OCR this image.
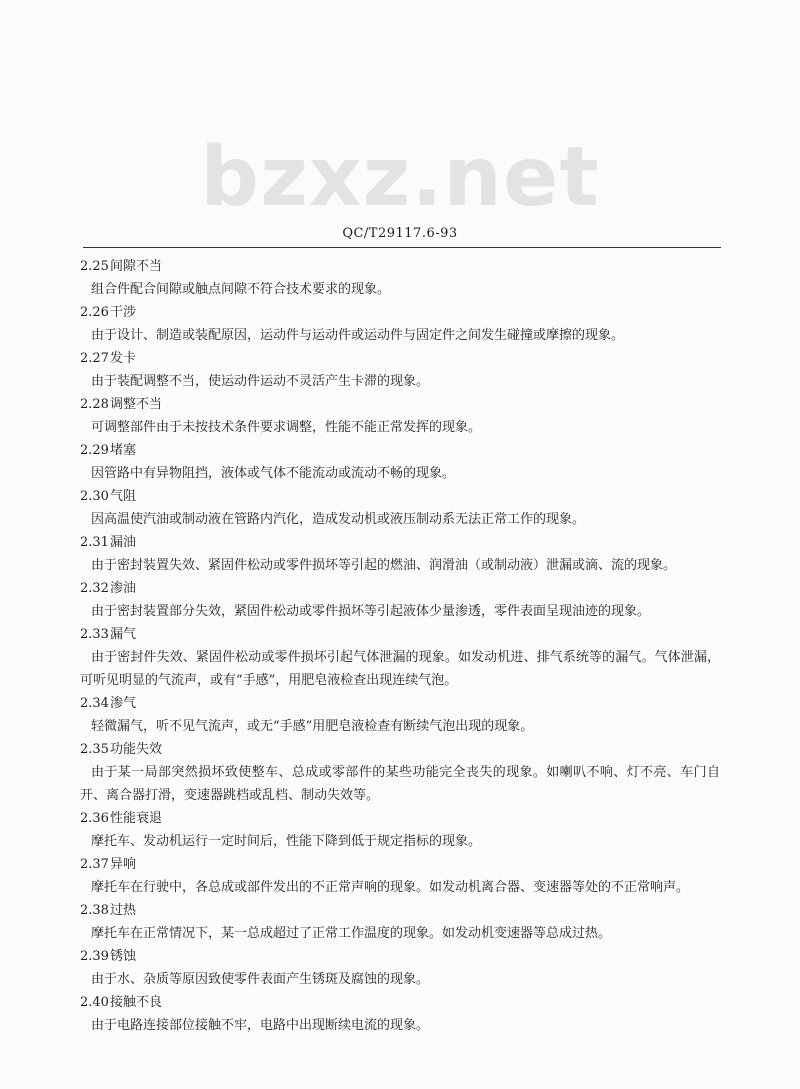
bzxz.net
QC/T29117.6-93
2.25间隙不当
组合件配合间隙或触点间隙不符合技术要求的现象。
2.26干涉
由于设计、制造或装配原因，运动件与运动件或运动件与固定件之间发生碰撞或摩擦的现象。
2.27发卡
由于装配调整不当，使运动件运动不灵活产生卡滞的现象。
2.28调整不当
可调整部件由于未按技术条件要求调整，性能不能正常发挥的现象。
2.29堵塞
因管路中有异物阻挡，液体或气体不能流动或流动不畅的现象。
2.30气阻
因高温使汽油或制动液在管路内汽化，造成发动机或液压制动系无法正常工作的现象。
2.31漏油
由于密封装置失效、紧固件松动或零件损坏等引起的燃油、润滑油（或制动液）泄漏或滴、流的现象。
2.32渗油
由于密封装置部分失效，紧固件松动或零件损坏等引起液体少量渗透，零件表面呈现油迹的现象。
2.33漏气
由于密封件失效、紧固件松动或零件损坏引起气体泄漏的现象。如发动机进、排气系统等的漏气。气体泄漏，可听见明显的气流声，或有“手感”，用肥皂液检查出现连续气泡。
2.34渗气
轻微漏气，听不见气流声，或无“手感”用肥皂液检查有断续气泡出现的现象。
2.35功能失效
由于某一局部突然损坏致使整车、总成或零部件的某些功能完全丧失的现象。如喇叭不响、灯不亮、车门自开、离合器打滑，变速器跳档或乱档、制动失效等。
2.36性能衰退
摩托车、发动机运行一定时间后，性能下降到低于规定指标的现象。
2.37异响
摩托车在行驶中，各总成或部件发出的不正常声响的现象。如发动机离合器、变速器等处的不正常响声。
2.38过热
摩托车在正常情况下，某一总成超过了正常工作温度的现象。如发动机变速器等总成过热。
2.39锈蚀
由于水、杂质等原因致使零件表面产生锈斑及腐蚀的现象。
2.40接触不良
由于电路连接部位接触不牢，电路中出现断续电流的现象。
